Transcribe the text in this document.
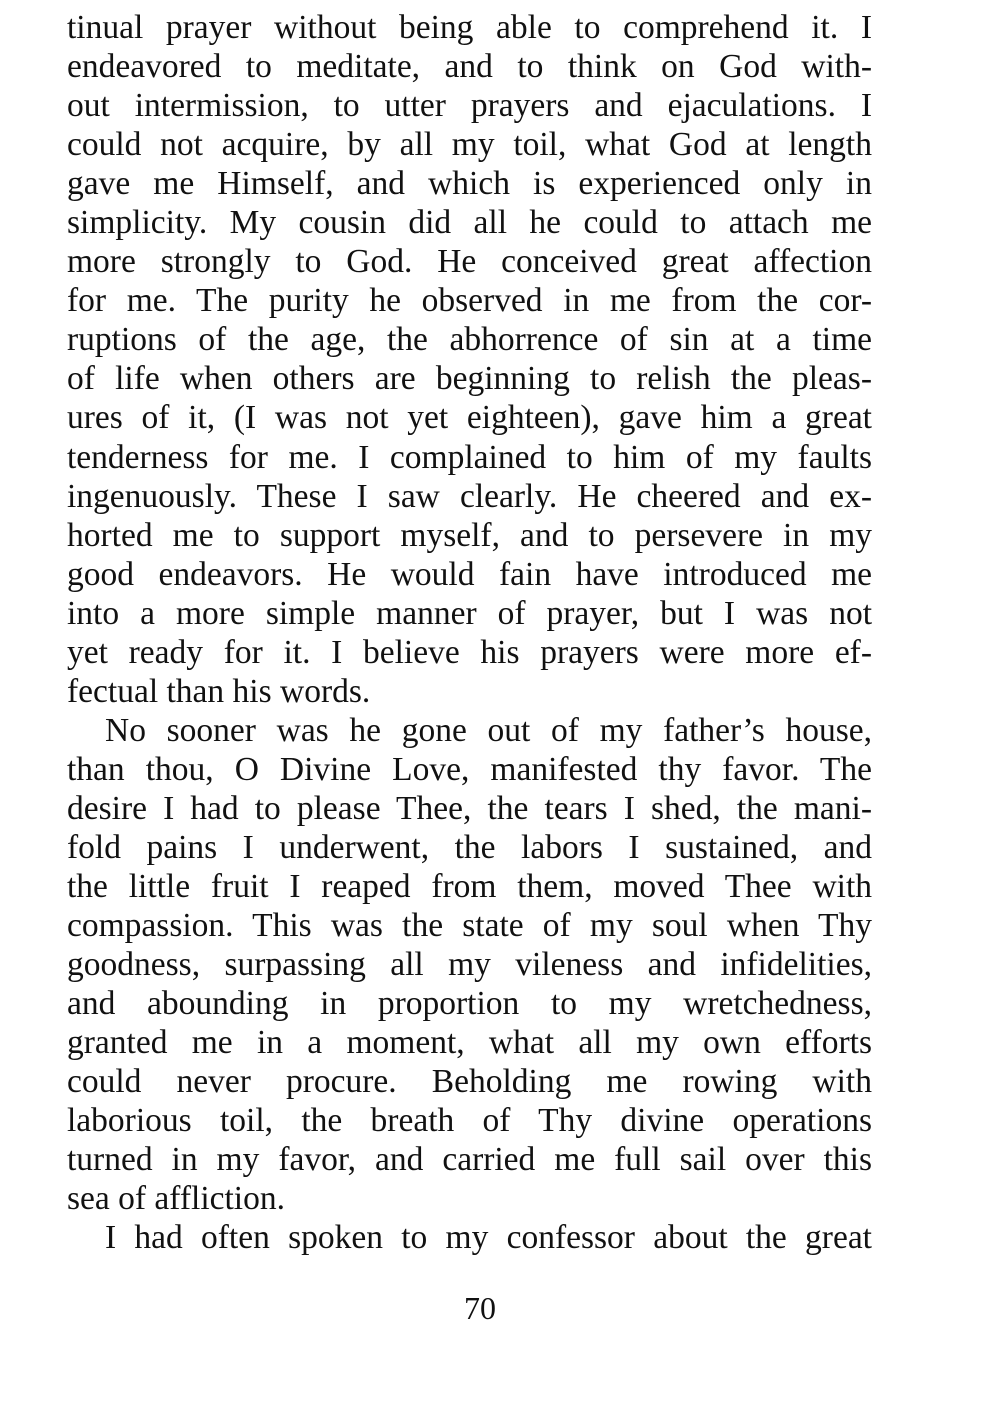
tinual prayer without being able to comprehend it. I
endeavored to meditate, and to think on God with-
out intermission, to utter prayers and ejaculations. I
could not acquire, by all my toil, what God at length
gave me Himself, and which is experienced only in
simplicity. My cousin did all he could to attach me
more strongly to God. He conceived great affection
for me. The purity he observed in me from the cor-
ruptions of the age, the abhorrence of sin at a time
of life when others are beginning to relish the pleas-
ures of it, (I was not yet eighteen), gave him a great
tenderness for me. I complained to him of my faults
ingenuously. These I saw clearly. He cheered and ex-
horted me to support myself, and to persevere in my
good endeavors. He would fain have introduced me
into a more simple manner of prayer, but I was not
yet ready for it. I believe his prayers were more ef-
fectual than his words.
No sooner was he gone out of my father’s house,
than thou, O Divine Love, manifested thy favor. The
desire I had to please Thee, the tears I shed, the mani-
fold pains I underwent, the labors I sustained, and
the little fruit I reaped from them, moved Thee with
compassion. This was the state of my soul when Thy
goodness, surpassing all my vileness and infidelities,
and abounding in proportion to my wretchedness,
granted me in a moment, what all my own efforts
could never procure. Beholding me rowing with
laborious toil, the breath of Thy divine operations
turned in my favor, and carried me full sail over this
sea of affliction.
I had often spoken to my confessor about the great
70
